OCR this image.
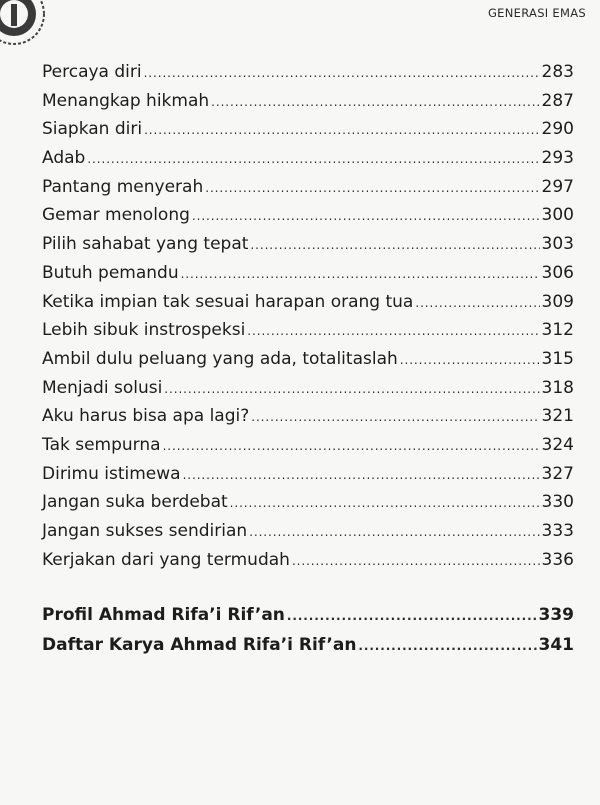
GENERASI EMAS
Percaya diri .....	283
Menangkap hikmah .....	287
Siapkan diri .....	290
Adab .....	293
Pantang menyerah .....	297
Gemar menolong .....	300
Pilih sahabat yang tepat .....	303
Butuh pemandu .....	306
Ketika impian tak sesuai harapan orang tua .....	309
Lebih sibuk instrospeksi .....	312
Ambil dulu peluang yang ada, totalitaslah .....	315
Menjadi solusi .....	318
Aku harus bisa apa lagi? .....	321
Tak sempurna .....	324
Dirimu istimewa .....	327
Jangan suka berdebat .....	330
Jangan sukses sendirian .....	333
Kerjakan dari yang termudah .....	336
Profil Ahmad Rifa’i Rif’an .....	339
Daftar Karya Ahmad Rifa’i Rif’an .....	341
